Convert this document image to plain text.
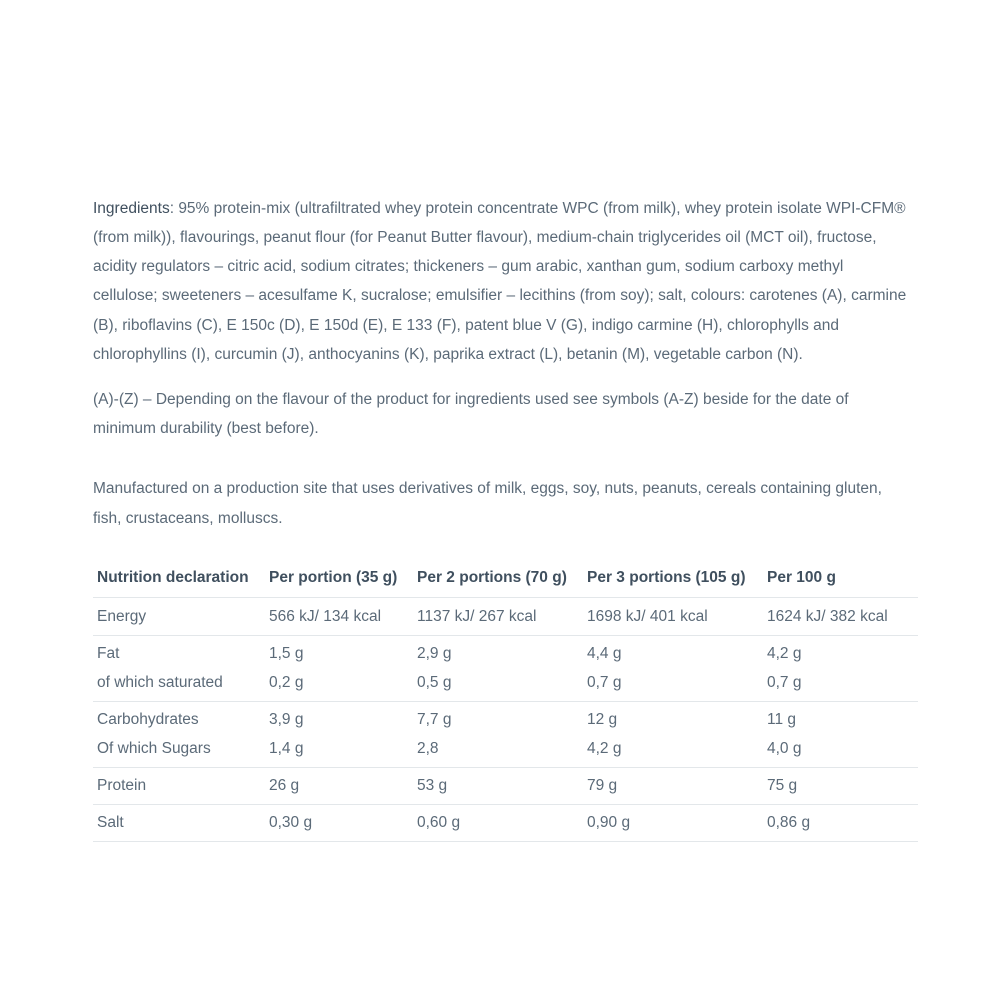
Ingredients: 95% protein-mix (ultrafiltrated whey protein concentrate WPC (from milk), whey protein isolate WPI-CFM® (from milk)), flavourings, peanut flour (for Peanut Butter flavour), medium-chain triglycerides oil (MCT oil), fructose, acidity regulators – citric acid, sodium citrates; thickeners – gum arabic, xanthan gum, sodium carboxy methyl cellulose; sweeteners – acesulfame K, sucralose; emulsifier – lecithins (from soy); salt, colours: carotenes (A), carmine (B), riboflavins (C), E 150c (D), E 150d (E), E 133 (F), patent blue V (G), indigo carmine (H), chlorophylls and chlorophyllins (I), curcumin (J), anthocyanins (K), paprika extract (L), betanin (M), vegetable carbon (N).

(A)-(Z) – Depending on the flavour of the product for ingredients used see symbols (A-Z) beside for the date of minimum durability (best before).

Manufactured on a production site that uses derivatives of milk, eggs, soy, nuts, peanuts, cereals containing gluten, fish, crustaceans, molluscs.

Nutrition declaration	Per portion (35 g)	Per 2 portions (70 g)	Per 3 portions (105 g)	Per 100 g
Energy	566 kJ/ 134 kcal	1137 kJ/ 267 kcal	1698 kJ/ 401 kcal	1624 kJ/ 382 kcal
Fat	1,5 g	2,9 g	4,4 g	4,2 g
of which saturated	0,2 g	0,5 g	0,7 g	0,7 g
Carbohydrates	3,9 g	7,7 g	12 g	11 g
Of which Sugars	1,4 g	2,8	4,2 g	4,0 g
Protein	26 g	53 g	79 g	75 g
Salt	0,30 g	0,60 g	0,90 g	0,86 g
